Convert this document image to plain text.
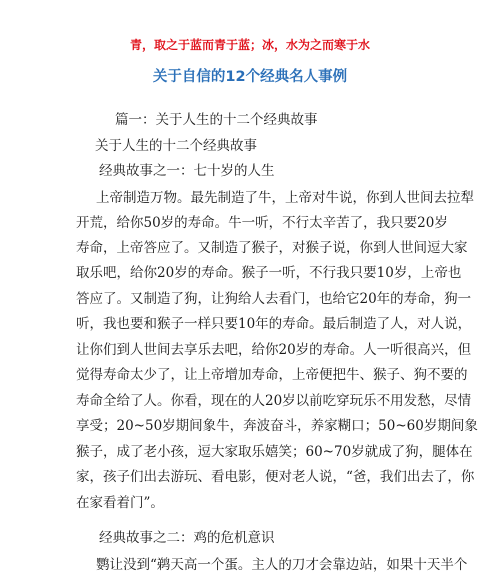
青，取之于蓝而青于蓝；冰，水为之而寒于水
关于自信的12个经典名人事例
篇一：关于人生的十二个经典故事
关于人生的十二个经典故事
经典故事之一：七十岁的人生
上帝制造万物。最先制造了牛，上帝对牛说，你到人世间去拉犁
开荒，给你50岁的寿命。牛一听，不行太辛苦了，我只要20岁
寿命，上帝答应了。又制造了猴子，对猴子说，你到人世间逗大家
取乐吧，给你20岁的寿命。猴子一听，不行我只要10岁，上帝也
答应了。又制造了狗，让狗给人去看门，也给它20年的寿命，狗一
听，我也要和猴子一样只要10年的寿命。最后制造了人，对人说，
让你们到人世间去享乐去吧，给你20岁的寿命。人一听很高兴，但
觉得寿命太少了，让上帝增加寿命，上帝便把牛、猴子、狗不要的
寿命全给了人。你看，现在的人20岁以前吃穿玩乐不用发愁，尽情
享受；20~50岁期间象牛，奔波奋斗，养家糊口；50~60岁期间象
猴子，成了老小孩，逗大家取乐嬉笑；60~70岁就成了狗，腿体在
家，孩子们出去游玩、看电影，便对老人说，“爸，我们出去了，你
在家看着门”。
经典故事之二：鸡的危机意识
鹦让没到“鹈天高一个蛋。主人的刀才会靠边站，如果十天半个
